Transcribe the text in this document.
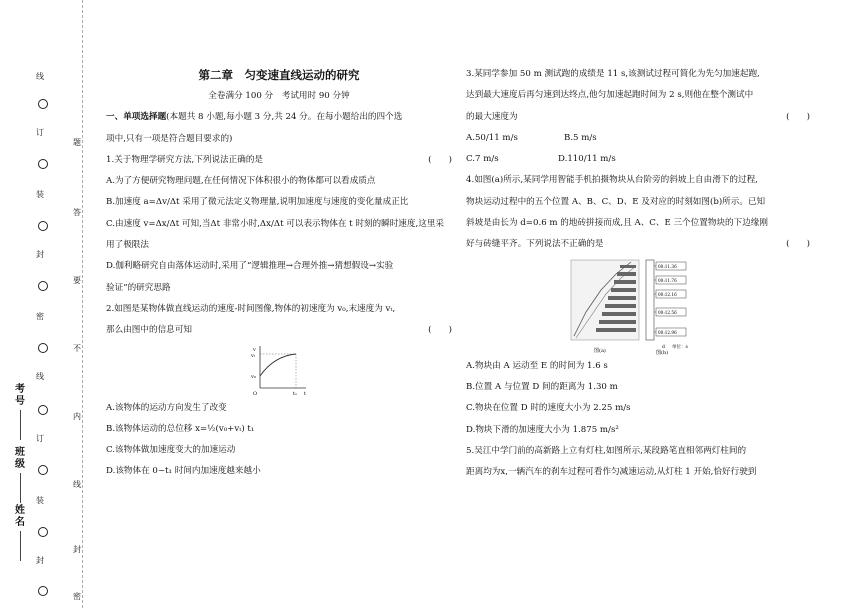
线
订
装
封
密
线
订
装
封
题
答
要
不
内
线
封
密
考号
班级
姓名
第二章  匀变速直线运动的研究
全卷满分 100 分　考试用时 90 分钟
一、单项选择题(本题共 8 小题,每小题 3 分,共 24 分。在每小题给出的四个选
项中,只有一项是符合题目要求的)
1.关于物理学研究方法,下列说法正确的是	(　　)
A.为了方便研究物理问题,在任何情况下体积很小的物体都可以看成质点
B.加速度 a=Δv/Δt 采用了微元法定义物理量,说明加速度与速度的变化量成正比
C.由速度 v=Δx/Δt 可知,当Δt 非常小时,Δx/Δt 可以表示物体在 t 时刻的瞬时速度,这里采
用了极限法
D.伽利略研究自由落体运动时,采用了“逻辑推理→合理外推→猜想假设→实验
验证”的研究思路
2.如图是某物体做直线运动的速度-时间图像,物体的初速度为 v₀,末速度为 vₜ,
那么由图中的信息可知	(　　)
v
vₜ
v₀
O	t₁ t
A.该物体的运动方向发生了改变
B.该物体运动的总位移 x=½(v₀+vₜ) t₁
C.该物体做加速度变大的加速运动
D.该物体在 0~t₁ 时间内加速度越来越小
3.某同学参加 50 m 测试跑的成绩是 11 s,该测试过程可简化为先匀加速起跑,
达到最大速度后再匀速到达终点,他匀加速起跑时间为 2 s,则他在整个测试中
的最大速度为	(　　)
A.50/11 m/s	B.5 m/s
C.7 m/s	D.110/11 m/s
4.如图(a)所示,某同学用智能手机拍摄物块从台阶旁的斜坡上自由滑下的过程,
物块运动过程中的五个位置 A、B、C、D、E 及对应的时刻如图(b)所示。已知
斜坡是由长为 d=0.6 m 的地砖拼接而成,且 A、C、E 三个位置物块的下边缘刚
好与砖缝平齐。下列说法不正确的是	(　　)
图(a)
00:11.36
00:11.76
00:12.16
00:12.56
00:12.96
d 单位：s
图(b)
A.物块由 A 运动至 E 的时间为 1.6 s
B.位置 A 与位置 D 间的距离为 1.30 m
C.物块在位置 D 时的速度大小为 2.25 m/s
D.物块下滑的加速度大小为 1.875 m/s²
5.吴江中学门前的高新路上立有灯柱,如图所示,某段路笔直相邻两灯柱间的
距离均为x,一辆汽车的刹车过程可看作匀减速运动,从灯柱 1 开始,恰好行驶到
